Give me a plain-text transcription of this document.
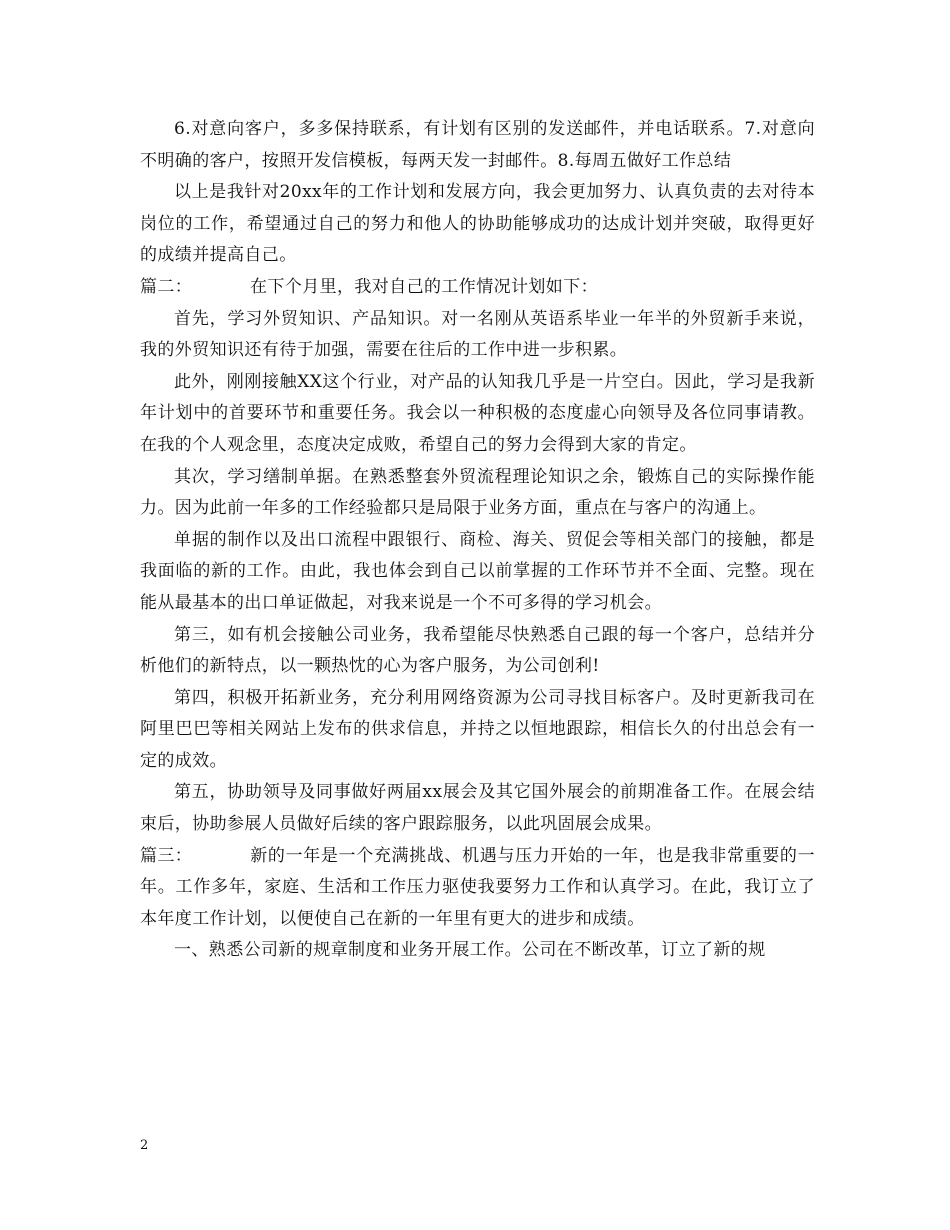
6.对意向客户，多多保持联系，有计划有区别的发送邮件，并电话联系。7.对意向不明确的客户，按照开发信模板，每两天发一封邮件。8.每周五做好工作总结

以上是我针对20xx年的工作计划和发展方向，我会更加努力、认真负责的去对待本岗位的工作，希望通过自己的努力和他人的协助能够成功的达成计划并突破，取得更好的成绩并提高自己。

篇二：	在下个月里，我对自己的工作情况计划如下：

首先，学习外贸知识、产品知识。对一名刚从英语系毕业一年半的外贸新手来说，我的外贸知识还有待于加强，需要在往后的工作中进一步积累。

此外，刚刚接触XX这个行业，对产品的认知我几乎是一片空白。因此，学习是我新年计划中的首要环节和重要任务。我会以一种积极的态度虚心向领导及各位同事请教。在我的个人观念里，态度决定成败，希望自己的努力会得到大家的肯定。

其次，学习缮制单据。在熟悉整套外贸流程理论知识之余，锻炼自己的实际操作能力。因为此前一年多的工作经验都只是局限于业务方面，重点在与客户的沟通上。

单据的制作以及出口流程中跟银行、商检、海关、贸促会等相关部门的接触，都是我面临的新的工作。由此，我也体会到自己以前掌握的工作环节并不全面、完整。现在能从最基本的出口单证做起，对我来说是一个不可多得的学习机会。

第三，如有机会接触公司业务，我希望能尽快熟悉自己跟的每一个客户，总结并分析他们的新特点，以一颗热忱的心为客户服务，为公司创利!

第四，积极开拓新业务，充分利用网络资源为公司寻找目标客户。及时更新我司在阿里巴巴等相关网站上发布的供求信息，并持之以恒地跟踪，相信长久的付出总会有一定的成效。

第五，协助领导及同事做好两届xx展会及其它国外展会的前期准备工作。在展会结束后，协助参展人员做好后续的客户跟踪服务，以此巩固展会成果。

篇三：	新的一年是一个充满挑战、机遇与压力开始的一年，也是我非常重要的一年。工作多年，家庭、生活和工作压力驱使我要努力工作和认真学习。在此，我订立了本年度工作计划，以便使自己在新的一年里有更大的进步和成绩。

一、熟悉公司新的规章制度和业务开展工作。公司在不断改革，订立了新的规

2
